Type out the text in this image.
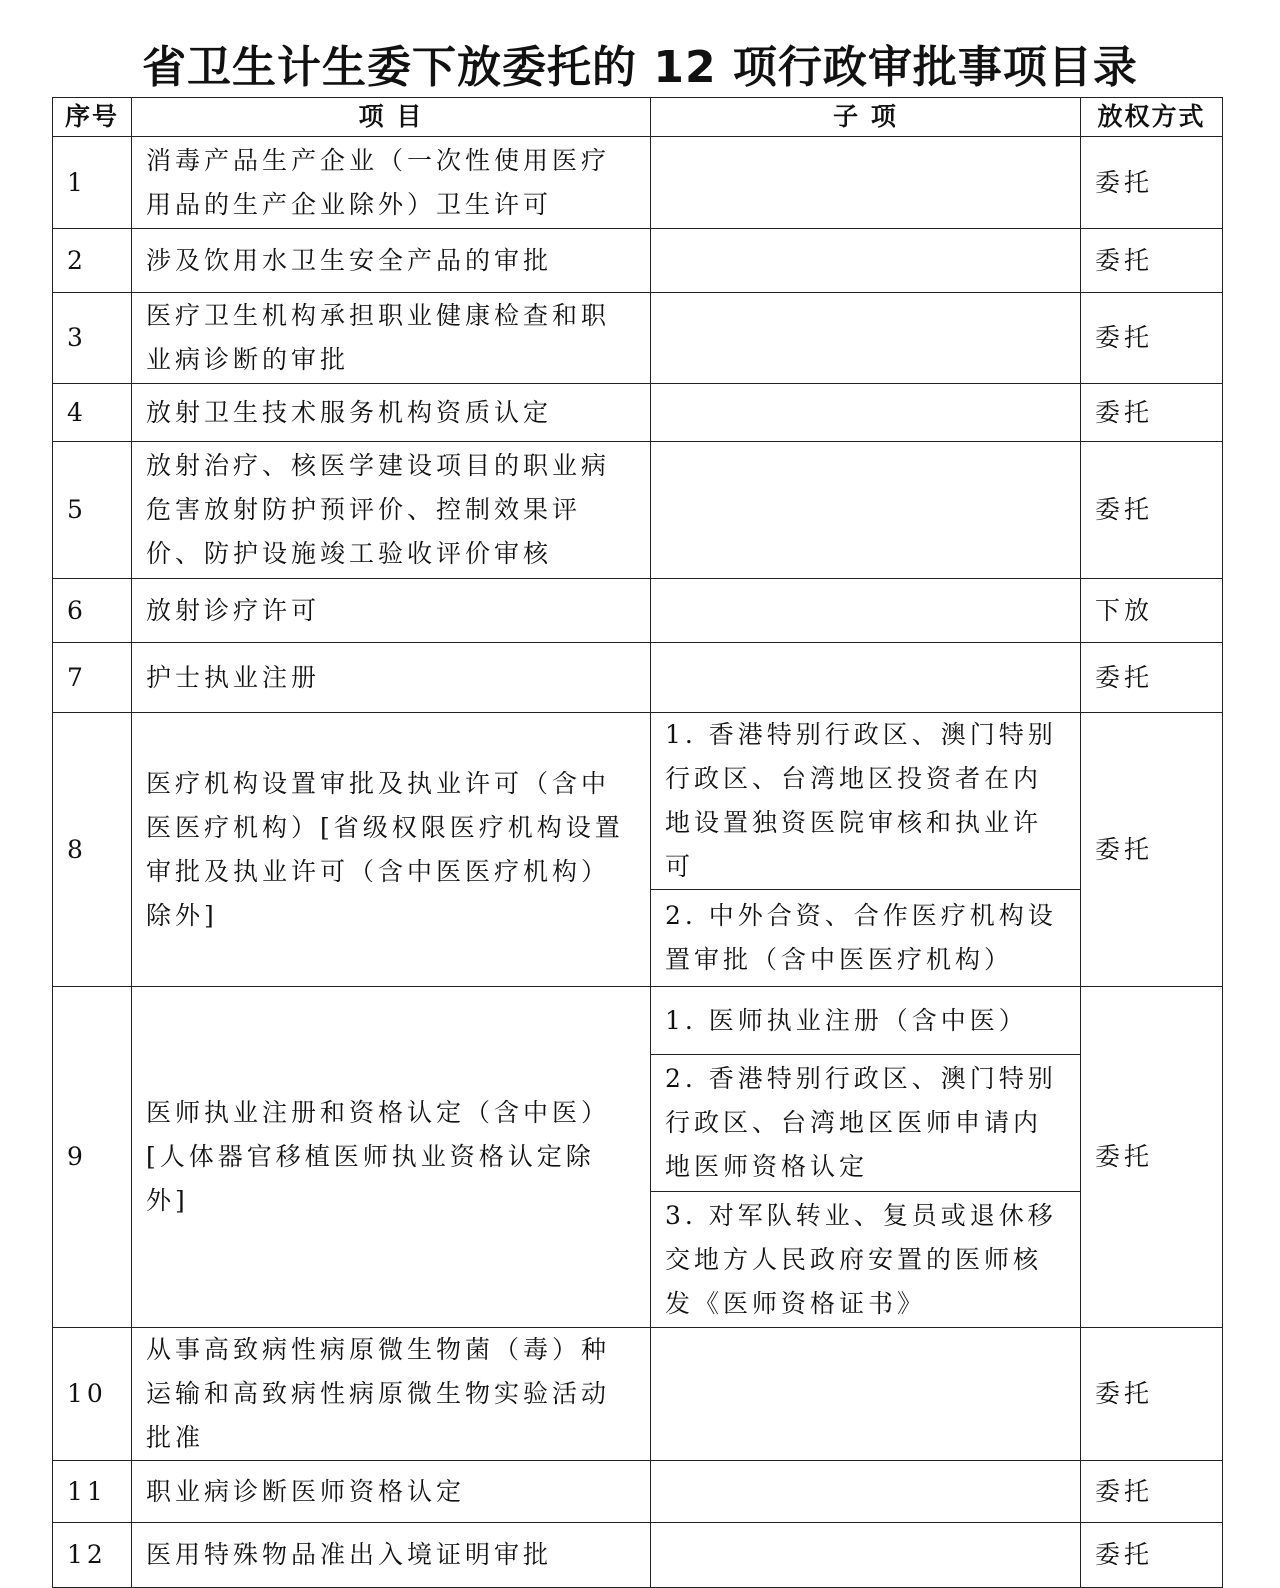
省卫生计生委下放委托的 12 项行政审批事项目录
序号	项 目	子 项	放权方式
1	消毒产品生产企业（一次性使用医疗用品的生产企业除外）卫生许可		委托
2	涉及饮用水卫生安全产品的审批		委托
3	医疗卫生机构承担职业健康检查和职业病诊断的审批		委托
4	放射卫生技术服务机构资质认定		委托
5	放射治疗、核医学建设项目的职业病危害放射防护预评价、控制效果评价、防护设施竣工验收评价审核		委托
6	放射诊疗许可		下放
7	护士执业注册		委托
8	医疗机构设置审批及执业许可（含中医医疗机构）[省级权限医疗机构设置审批及执业许可（含中医医疗机构）除外]	1. 香港特别行政区、澳门特别行政区、台湾地区投资者在内地设置独资医院审核和执业许可	委托
		2. 中外合资、合作医疗机构设置审批（含中医医疗机构）	
9	医师执业注册和资格认定（含中医）[人体器官移植医师执业资格认定除外]	1. 医师执业注册（含中医）	委托
		2. 香港特别行政区、澳门特别行政区、台湾地区医师申请内地医师资格认定	
		3. 对军队转业、复员或退休移交地方人民政府安置的医师核发《医师资格证书》	
10	从事高致病性病原微生物菌（毒）种运输和高致病性病原微生物实验活动批准		委托
11	职业病诊断医师资格认定		委托
12	医用特殊物品准出入境证明审批		委托
